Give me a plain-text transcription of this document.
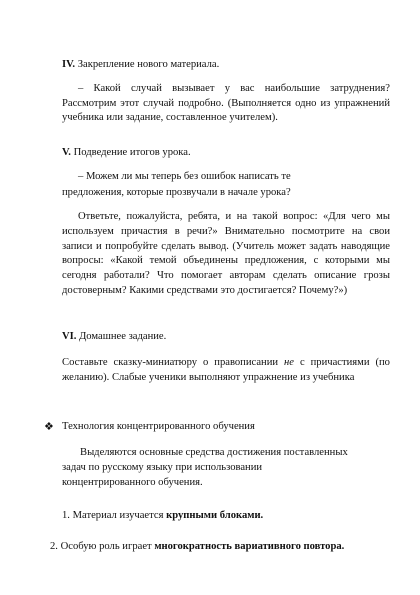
IV. Закрепление нового материала.
– Какой случай вызывает у вас наибольшие затруднения? Рассмотрим этот случай подробно. (Выполняется одно из упражнений учебника или задание, составленное учителем).
V. Подведение итогов урока.
– Можем ли мы теперь без ошибок написать те
предложения, которые прозвучали в начале урока?
Ответьте, пожалуйста, ребята, и на такой вопрос: «Для чего мы используем причастия в речи?» Внимательно посмотрите на свои записи и попробуйте сделать вывод. (Учитель может задать наводящие вопросы: «Какой темой объединены предложения, с которыми мы сегодня работали? Что помогает авторам сделать описание грозы достоверным? Какими средствами это достигается? Почему?»)
VI. Домашнее задание.
Составьте сказку-миниатюру о правописании не с причастиями (по желанию). Слабые ученики выполняют упражнение из учебника
❖ Технология концентрированного обучения
Выделяются основные средства достижения поставленных
задач по русскому языку при использовании
концентрированного обучения.
1. Материал изучается крупными блоками.
2. Особую роль играет многократность вариативного повтора.
